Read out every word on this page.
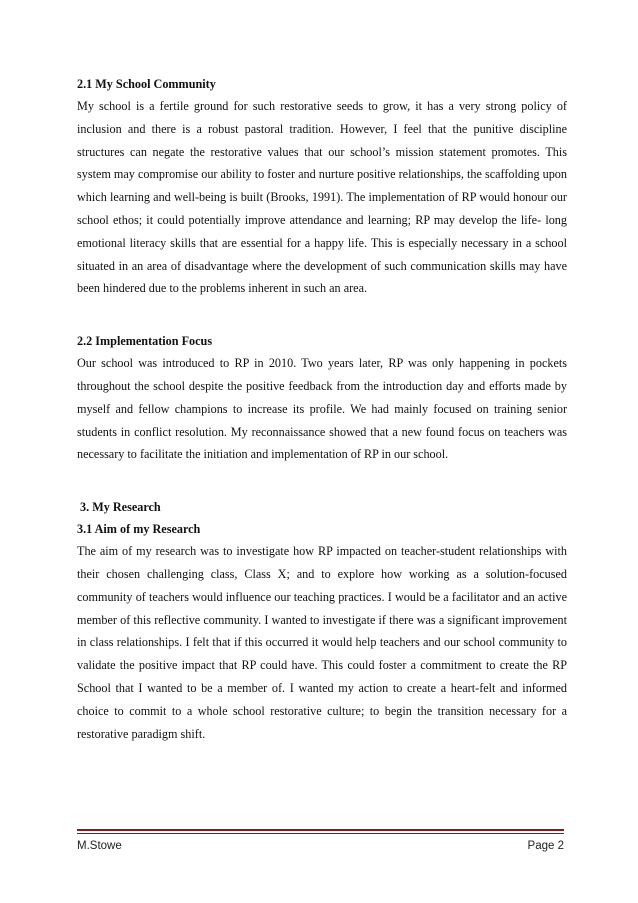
2.1 My School Community

My school is a fertile ground for such restorative seeds to grow, it has a very strong policy of inclusion and there is a robust pastoral tradition. However, I feel that the punitive discipline structures can negate the restorative values that our school’s mission statement promotes. This system may compromise our ability to foster and nurture positive relationships, the scaffolding upon which learning and well-being is built (Brooks, 1991). The implementation of RP would honour our school ethos; it could potentially improve attendance and learning; RP may develop the life- long emotional literacy skills that are essential for a happy life. This is especially necessary in a school situated in an area of disadvantage where the development of such communication skills may have been hindered due to the problems inherent in such an area.

2.2 Implementation Focus

Our school was introduced to RP in 2010. Two years later, RP was only happening in pockets throughout the school despite the positive feedback from the introduction day and efforts made by myself and fellow champions to increase its profile. We had mainly focused on training senior students in conflict resolution. My reconnaissance showed that a new found focus on teachers was necessary to facilitate the initiation and implementation of RP in our school.

3. My Research

3.1 Aim of my Research

The aim of my research was to investigate how RP impacted on teacher-student relationships with their chosen challenging class, Class X; and to explore how working as a solution-focused community of teachers would influence our teaching practices. I would be a facilitator and an active member of this reflective community. I wanted to investigate if there was a significant improvement in class relationships. I felt that if this occurred it would help teachers and our school community to validate the positive impact that RP could have. This could foster a commitment to create the RP School that I wanted to be a member of. I wanted my action to create a heart-felt and informed choice to commit to a whole school restorative culture; to begin the transition necessary for a restorative paradigm shift.

M.Stowe	Page 2
